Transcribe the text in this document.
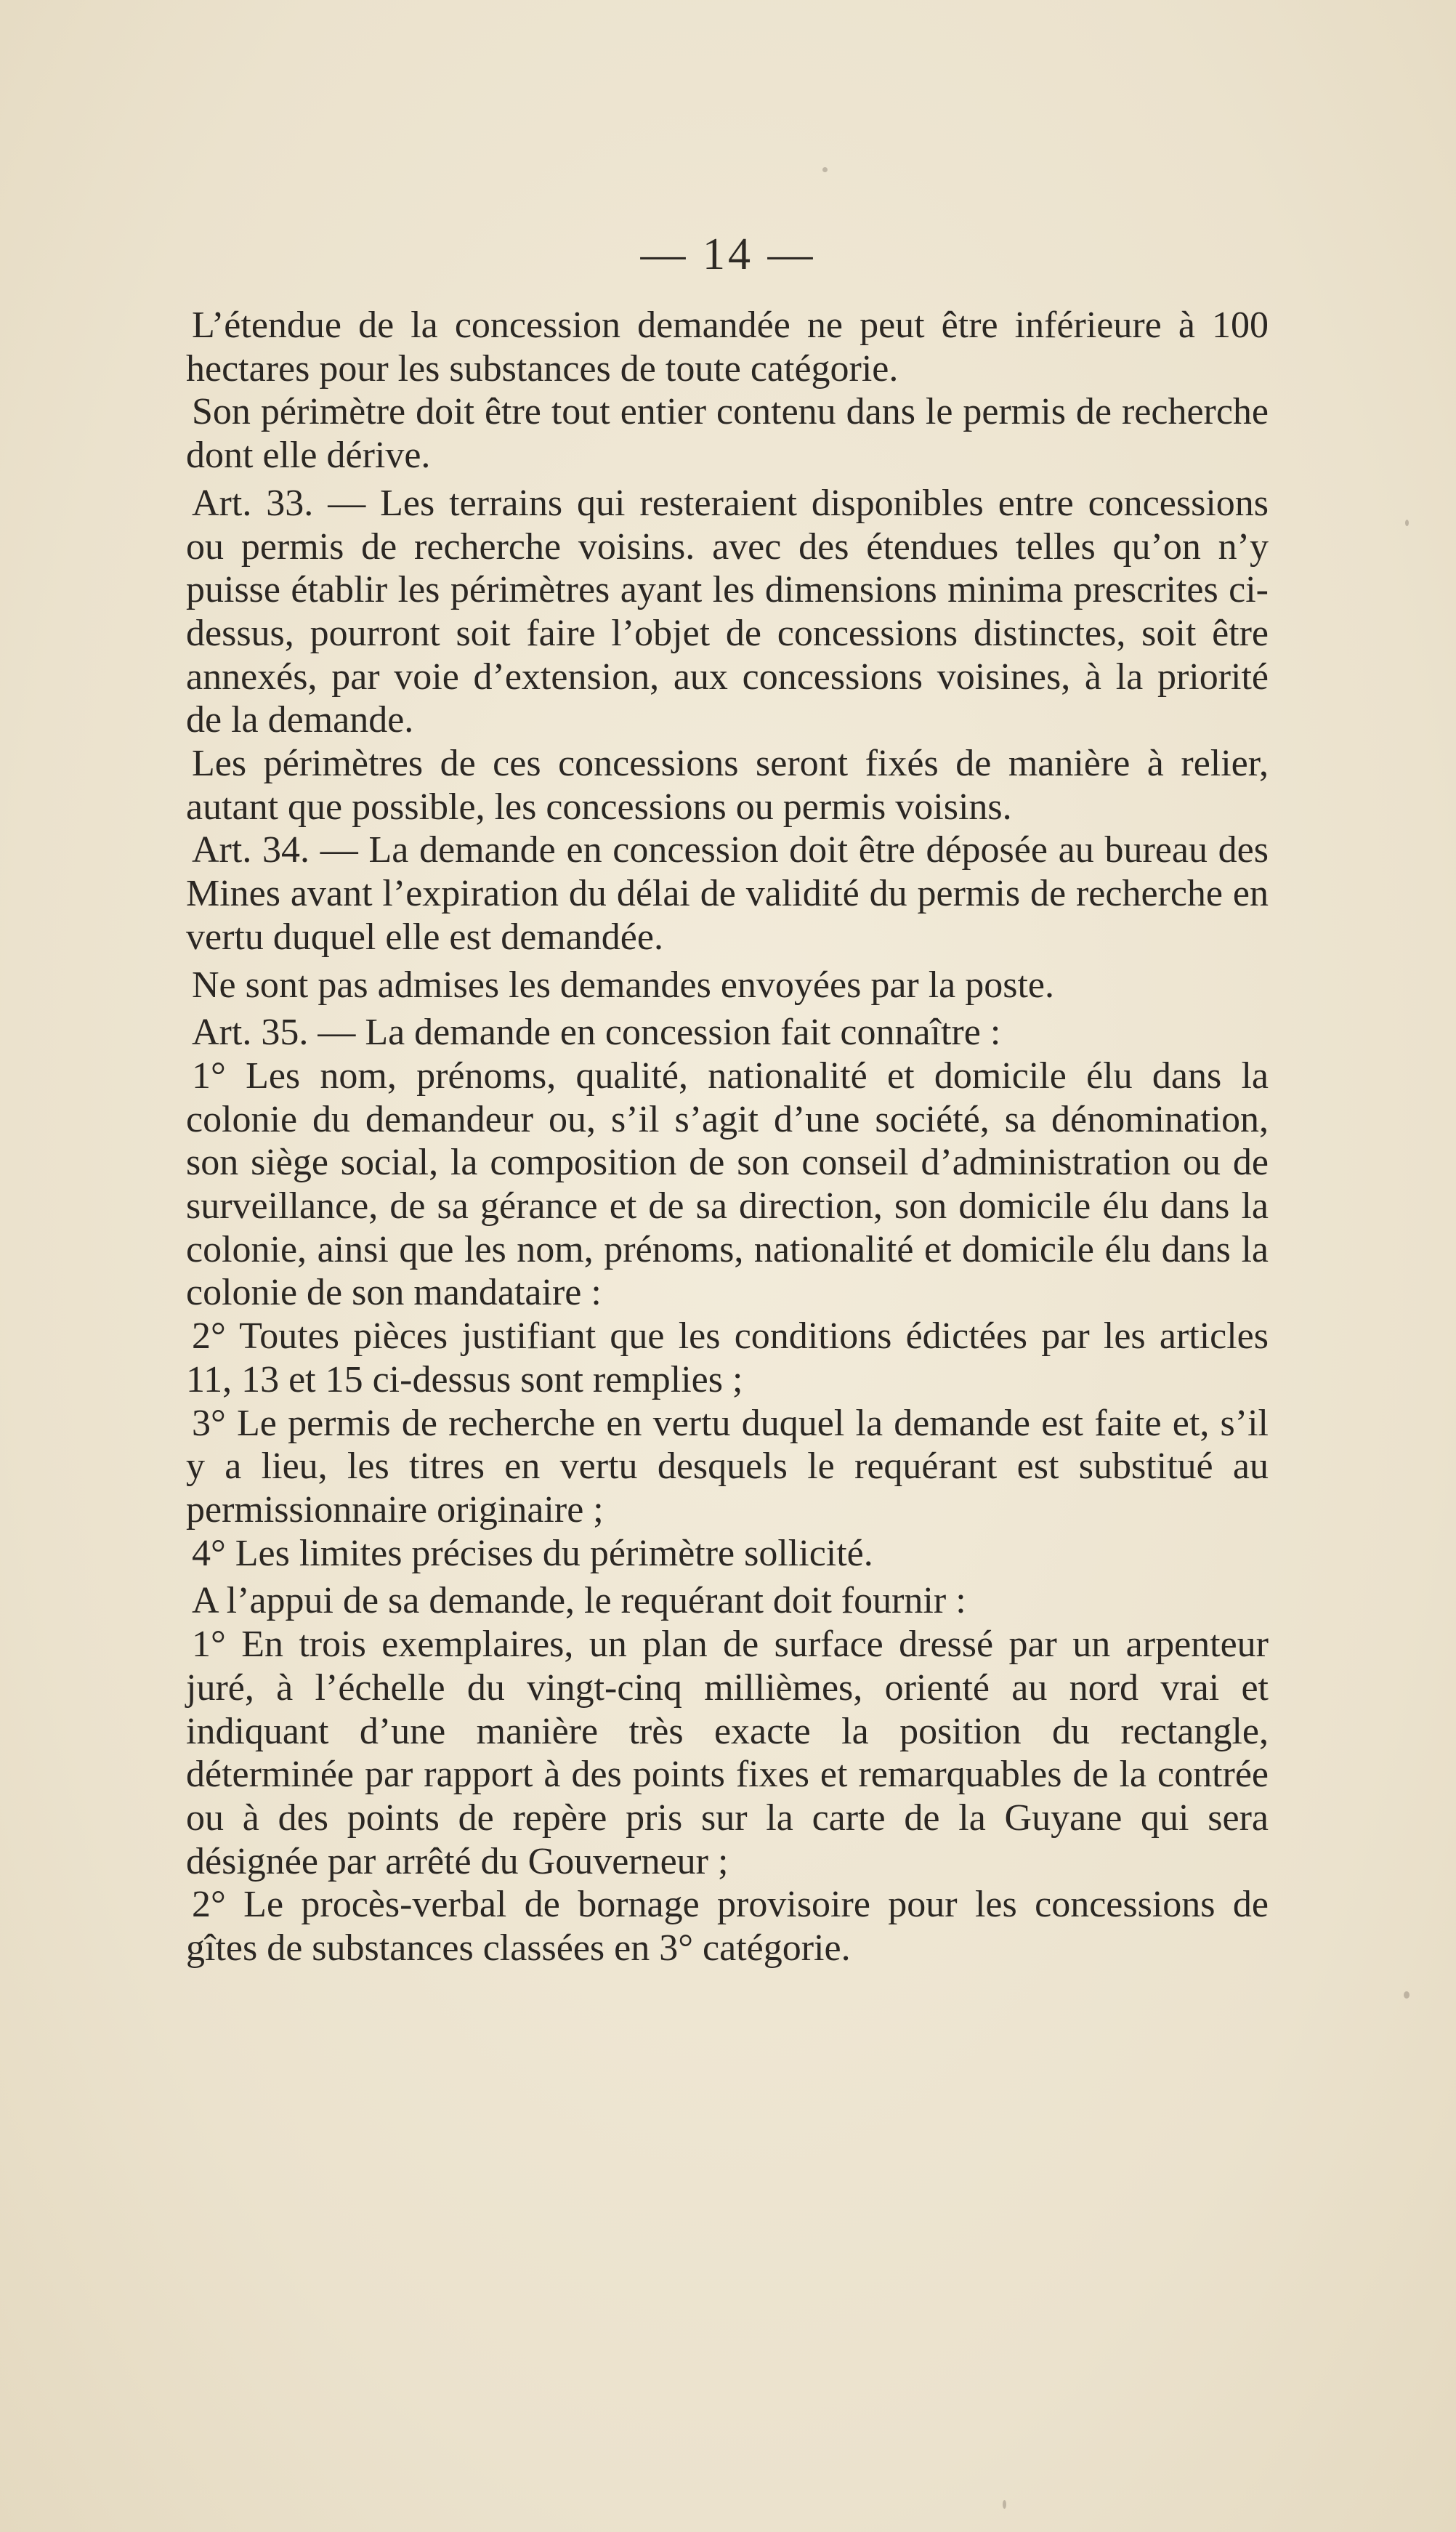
— 14 —

L’étendue de la concession demandée ne peut être inférieure à 100 hectares pour les substances de toute catégorie.

Son périmètre doit être tout entier contenu dans le permis de recherche dont elle dérive.

Art. 33. — Les terrains qui resteraient disponibles entre concessions ou permis de recherche voisins. avec des étendues telles qu’on n’y puisse établir les périmètres ayant les dimensions minima prescrites ci-dessus, pourront soit faire l’objet de concessions distinctes, soit être annexés, par voie d’extension, aux concessions voisines, à la priorité de la demande.

Les périmètres de ces concessions seront fixés de manière à relier, autant que possible, les concessions ou permis voisins.

Art. 34. — La demande en concession doit être déposée au bureau des Mines avant l’expiration du délai de validité du permis de recherche en vertu duquel elle est demandée.

Ne sont pas admises les demandes envoyées par la poste.

Art. 35. — La demande en concession fait connaître :

1° Les nom, prénoms, qualité, nationalité et domicile élu dans la colonie du demandeur ou, s’il s’agit d’une société, sa dénomination, son siège social, la composition de son conseil d’administration ou de surveillance, de sa gérance et de sa direction, son domicile élu dans la colonie, ainsi que les nom, prénoms, nationalité et domicile élu dans la colonie de son mandataire :

2° Toutes pièces justifiant que les conditions édictées par les articles 11, 13 et 15 ci-dessus sont remplies ;

3° Le permis de recherche en vertu duquel la demande est faite et, s’il y a lieu, les titres en vertu desquels le requérant est substitué au permissionnaire originaire ;

4° Les limites précises du périmètre sollicité.

A l’appui de sa demande, le requérant doit fournir :

1° En trois exemplaires, un plan de surface dressé par un arpenteur juré, à l’échelle du vingt-cinq millièmes, orienté au nord vrai et indiquant d’une manière très exacte la position du rectangle, déterminée par rapport à des points fixes et remarquables de la contrée ou à des points de repère pris sur la carte de la Guyane qui sera désignée par arrêté du Gouverneur ;

2° Le procès-verbal de bornage provisoire pour les concessions de gîtes de substances classées en 3° catégorie.
